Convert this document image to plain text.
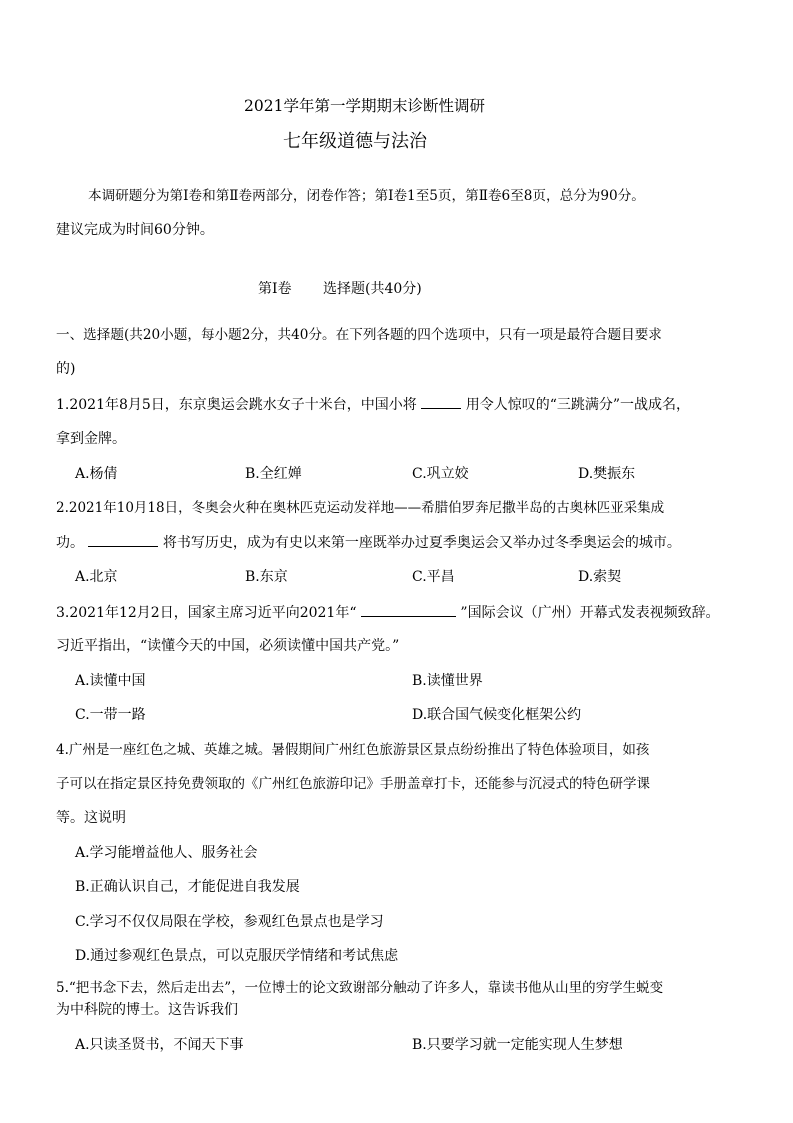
2021学年第一学期期末诊断性调研
七年级道德与法治
本调研题分为第Ⅰ卷和第Ⅱ卷两部分，闭卷作答；第Ⅰ卷1至5页，第Ⅱ卷6至8页，总分为90分。
建议完成为时间60分钟。
第Ⅰ卷 选择题(共40分)
一、选择题(共20小题，每小题2分，共40分。在下列各题的四个选项中，只有一项是最符合题目要求
的)
1.2021年8月5日，东京奥运会跳水女子十米台，中国小将	用令人惊叹的“三跳满分”一战成名，
拿到金牌。
A.杨倩	B.全红婵	C.巩立姣	D.樊振东
2.2021年10月18日，冬奥会火种在奥林匹克运动发祥地——希腊伯罗奔尼撒半岛的古奥林匹亚采集成
功。	将书写历史，成为有史以来第一座既举办过夏季奥运会又举办过冬季奥运会的城市。
A.北京	B.东京	C.平昌	D.索契
3.2021年12月2日，国家主席习近平向2021年“	”国际会议（广州）开幕式发表视频致辞。
习近平指出，“读懂今天的中国，必须读懂中国共产党。”
A.读懂中国	B.读懂世界
C.一带一路	D.联合国气候变化框架公约
4.广州是一座红色之城、英雄之城。暑假期间广州红色旅游景区景点纷纷推出了特色体验项目，如孩
子可以在指定景区持免费领取的《广州红色旅游印记》手册盖章打卡，还能参与沉浸式的特色研学课
等。这说明
A.学习能增益他人、服务社会
B.正确认识自己，才能促进自我发展
C.学习不仅仅局限在学校，参观红色景点也是学习
D.通过参观红色景点，可以克服厌学情绪和考试焦虑
5.“把书念下去，然后走出去”，一位博士的论文致谢部分触动了许多人，靠读书他从山里的穷学生蜕变
为中科院的博士。这告诉我们
A.只读圣贤书，不闻天下事	B.只要学习就一定能实现人生梦想
